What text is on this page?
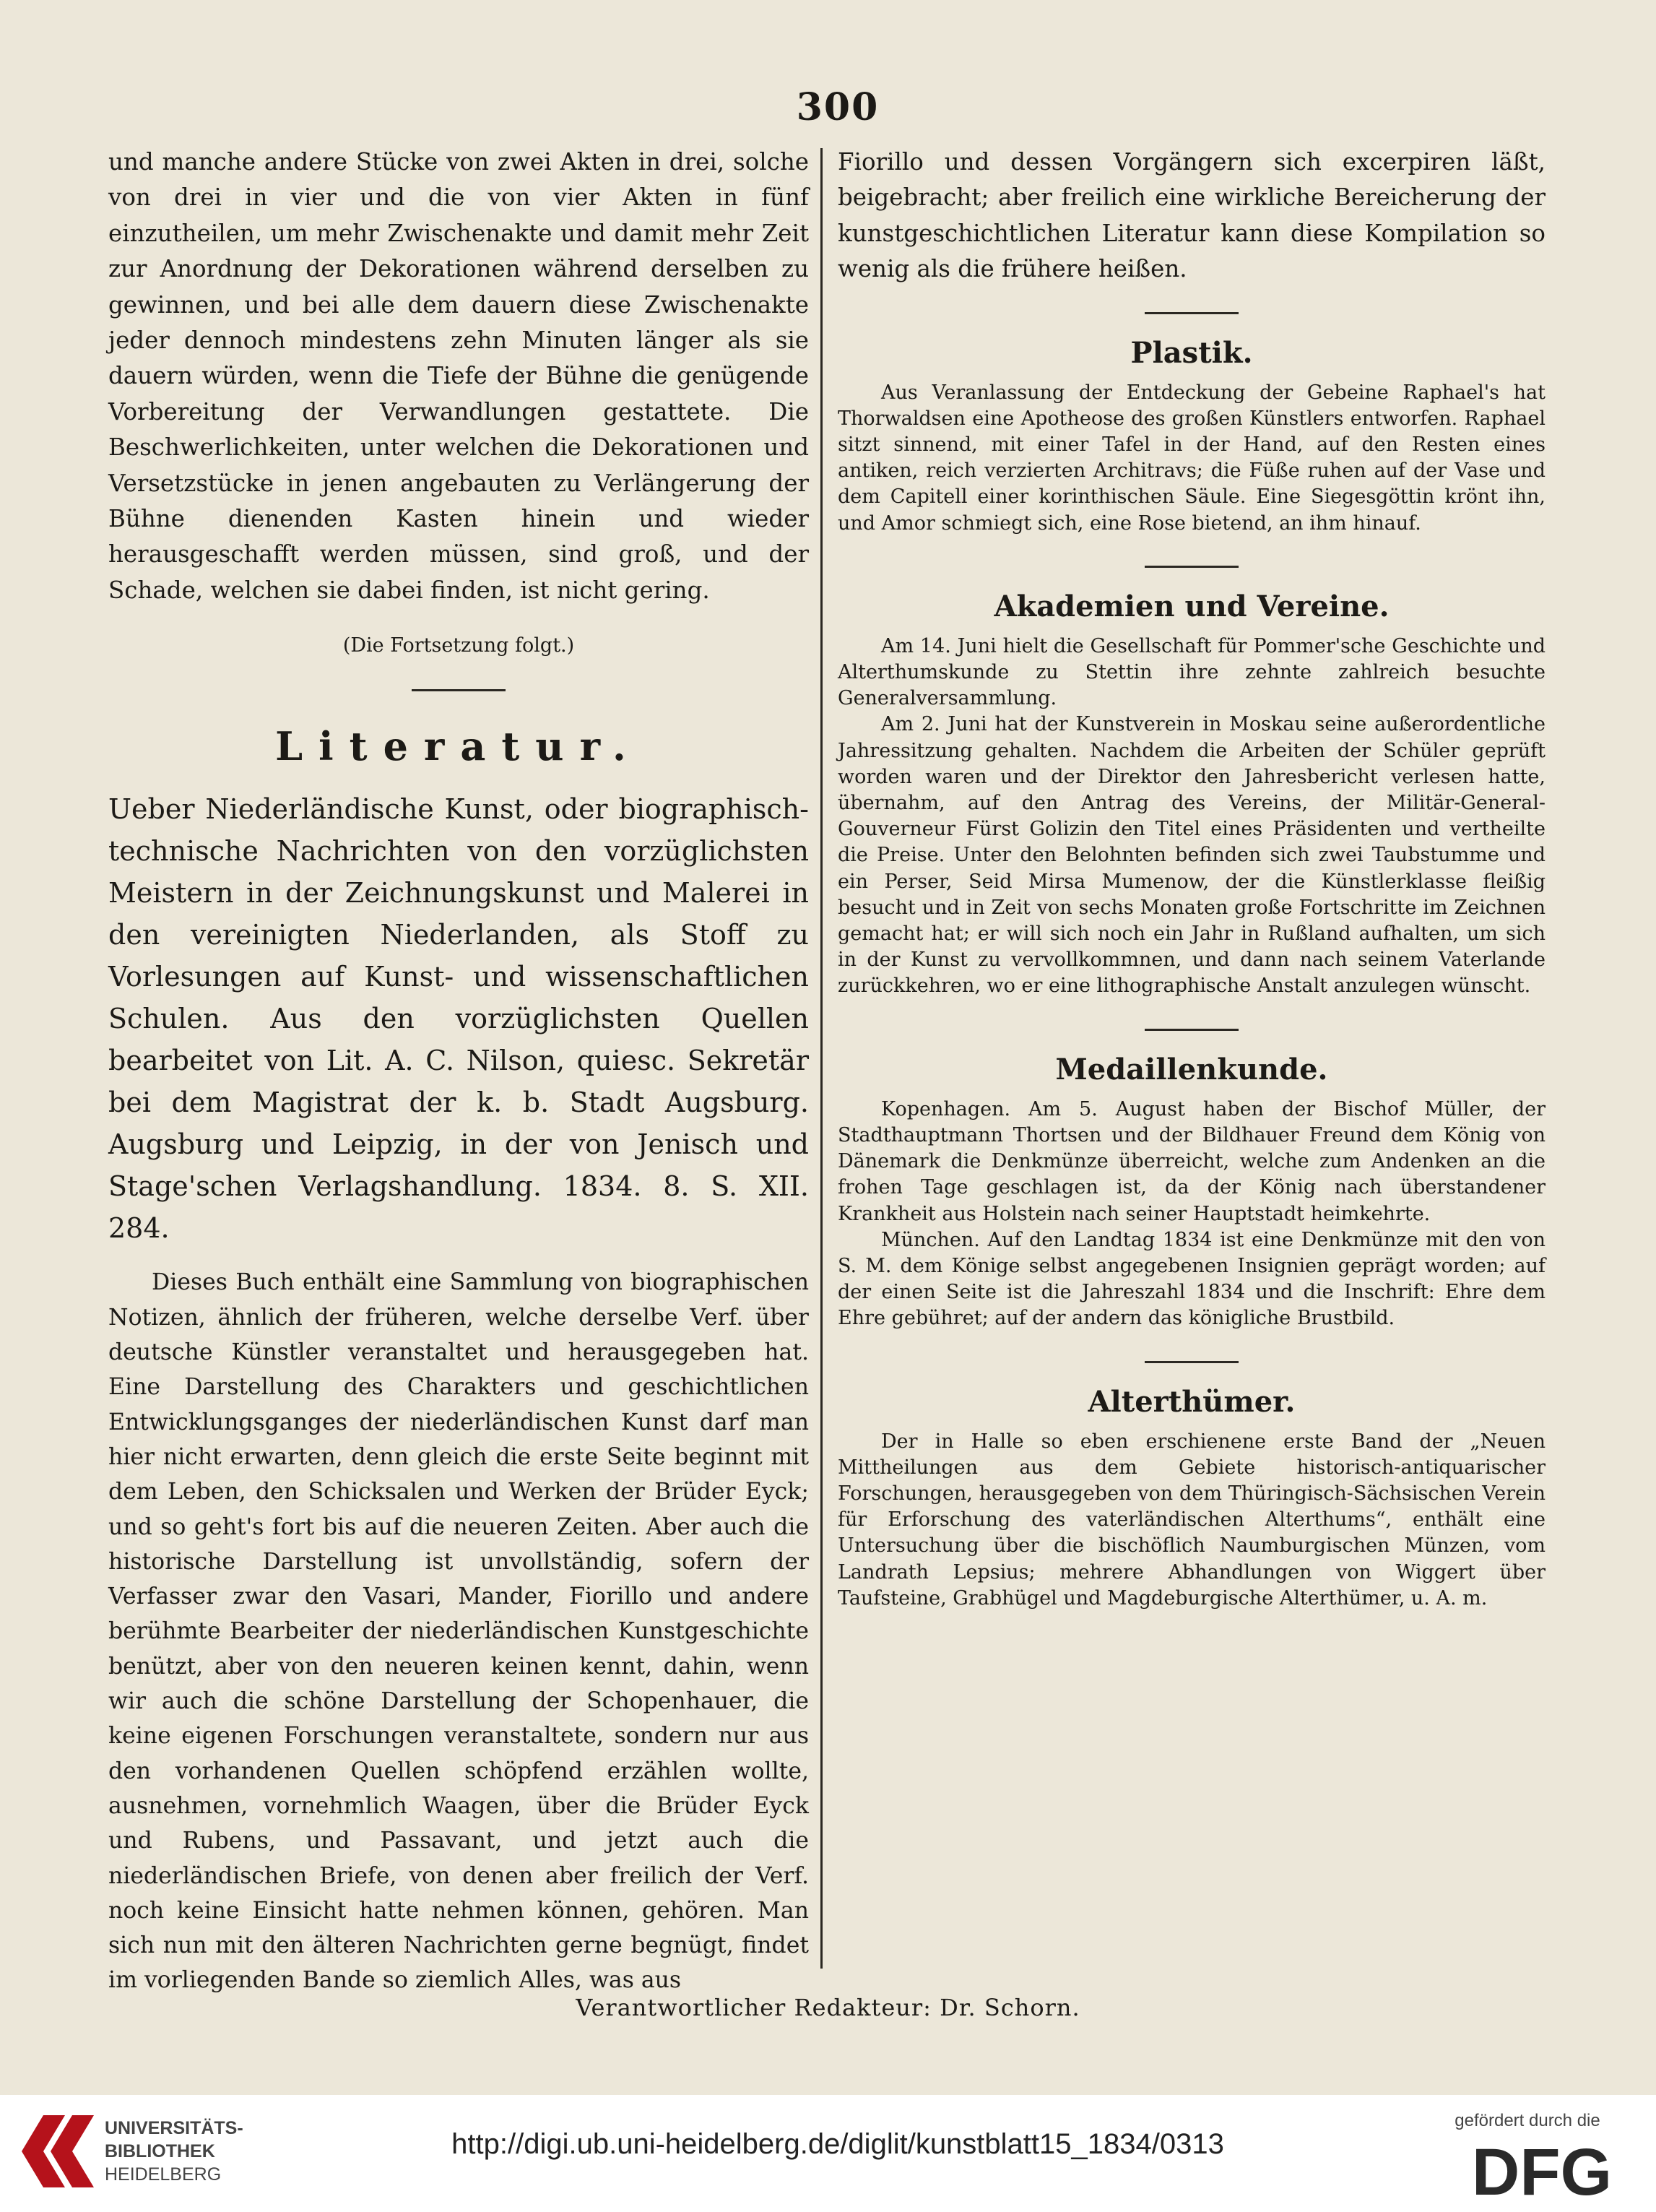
300

und manche andere Stücke von zwei Akten in drei, solche von drei in vier und die von vier Akten in fünf einzutheilen, um mehr Zwischenakte und damit mehr Zeit zur Anordnung der Dekorationen während derselben zu gewinnen, und bei alle dem dauern diese Zwischenakte jeder dennoch mindestens zehn Minuten länger als sie dauern würden, wenn die Tiefe der Bühne die genügende Vorbereitung der Verwandlungen gestattete. Die Beschwerlichkeiten, unter welchen die Dekorationen und Versetzstücke in jenen angebauten zu Verlängerung der Bühne dienenden Kasten hinein und wieder herausgeschafft werden müssen, sind groß, und der Schade, welchen sie dabei finden, ist nicht gering.

(Die Fortsetzung folgt.)

Literatur.

Ueber Niederländische Kunst, oder biographisch-technische Nachrichten von den vorzüglichsten Meistern in der Zeichnungskunst und Malerei in den vereinigten Niederlanden, als Stoff zu Vorlesungen auf Kunst- und wissenschaftlichen Schulen. Aus den vorzüglichsten Quellen bearbeitet von Lit. A. C. Nilson, quiesc. Sekretär bei dem Magistrat der k. b. Stadt Augsburg. Augsburg und Leipzig, in der von Jenisch und Stage'schen Verlagshandlung. 1834. 8. S. XII. 284.

Dieses Buch enthält eine Sammlung von biographischen Notizen, ähnlich der früheren, welche derselbe Verf. über deutsche Künstler veranstaltet und herausgegeben hat. Eine Darstellung des Charakters und geschichtlichen Entwicklungsganges der niederländischen Kunst darf man hier nicht erwarten, denn gleich die erste Seite beginnt mit dem Leben, den Schicksalen und Werken der Brüder Eyck; und so geht's fort bis auf die neueren Zeiten. Aber auch die historische Darstellung ist unvollständig, sofern der Verfasser zwar den Vasari, Mander, Fiorillo und andere berühmte Bearbeiter der niederländischen Kunstgeschichte benützt, aber von den neueren keinen kennt, dahin, wenn wir auch die schöne Darstellung der Schopenhauer, die keine eigenen Forschungen veranstaltete, sondern nur aus den vorhandenen Quellen schöpfend erzählen wollte, ausnehmen, vornehmlich Waagen, über die Brüder Eyck und Rubens, und Passavant, und jetzt auch die niederländischen Briefe, von denen aber freilich der Verf. noch keine Einsicht hatte nehmen können, gehören. Man sich nun mit den älteren Nachrichten gerne begnügt, findet im vorliegenden Bande so ziemlich Alles, was aus

Fiorillo und dessen Vorgängern sich excerpiren läßt, beigebracht; aber freilich eine wirkliche Bereicherung der kunstgeschichtlichen Literatur kann diese Kompilation so wenig als die frühere heißen.

Plastik.

Aus Veranlassung der Entdeckung der Gebeine Raphael's hat Thorwaldsen eine Apotheose des großen Künstlers entworfen. Raphael sitzt sinnend, mit einer Tafel in der Hand, auf den Resten eines antiken, reich verzierten Architravs; die Füße ruhen auf der Vase und dem Capitell einer korinthischen Säule. Eine Siegesgöttin krönt ihn, und Amor schmiegt sich, eine Rose bietend, an ihm hinauf.

Akademien und Vereine.

Am 14. Juni hielt die Gesellschaft für Pommer'sche Geschichte und Alterthumskunde zu Stettin ihre zehnte zahlreich besuchte Generalversammlung.

Am 2. Juni hat der Kunstverein in Moskau seine außerordentliche Jahressitzung gehalten. Nachdem die Arbeiten der Schüler geprüft worden waren und der Direktor den Jahresbericht verlesen hatte, übernahm, auf den Antrag des Vereins, der Militär-General-Gouverneur Fürst Golizin den Titel eines Präsidenten und vertheilte die Preise. Unter den Belohnten befinden sich zwei Taubstumme und ein Perser, Seid Mirsa Mumenow, der die Künstlerklasse fleißig besucht und in Zeit von sechs Monaten große Fortschritte im Zeichnen gemacht hat; er will sich noch ein Jahr in Rußland aufhalten, um sich in der Kunst zu vervollkommnen, und dann nach seinem Vaterlande zurückkehren, wo er eine lithographische Anstalt anzulegen wünscht.

Medaillenkunde.

Kopenhagen. Am 5. August haben der Bischof Müller, der Stadthauptmann Thortsen und der Bildhauer Freund dem König von Dänemark die Denkmünze überreicht, welche zum Andenken an die frohen Tage geschlagen ist, da der König nach überstandener Krankheit aus Holstein nach seiner Hauptstadt heimkehrte.

München. Auf den Landtag 1834 ist eine Denkmünze mit den von S. M. dem Könige selbst angegebenen Insignien geprägt worden; auf der einen Seite ist die Jahreszahl 1834 und die Inschrift: Ehre dem Ehre gebühret; auf der andern das königliche Brustbild.

Alterthümer.

Der in Halle so eben erschienene erste Band der „Neuen Mittheilungen aus dem Gebiete historisch-antiquarischer Forschungen, herausgegeben von dem Thüringisch-Sächsischen Verein für Erforschung des vaterländischen Alterthums“, enthält eine Untersuchung über die bischöflich Naumburgischen Münzen, vom Landrath Lepsius; mehrere Abhandlungen von Wiggert über Taufsteine, Grabhügel und Magdeburgische Alterthümer, u. A. m.

Verantwortlicher Redakteur: Dr. Schorn.
UNIVERSITÄTS-
BIBLIOTHEK
HEIDELBERG
http://digi.ub.uni-heidelberg.de/diglit/kunstblatt15_1834/0313
gefördert durch die
DFG
